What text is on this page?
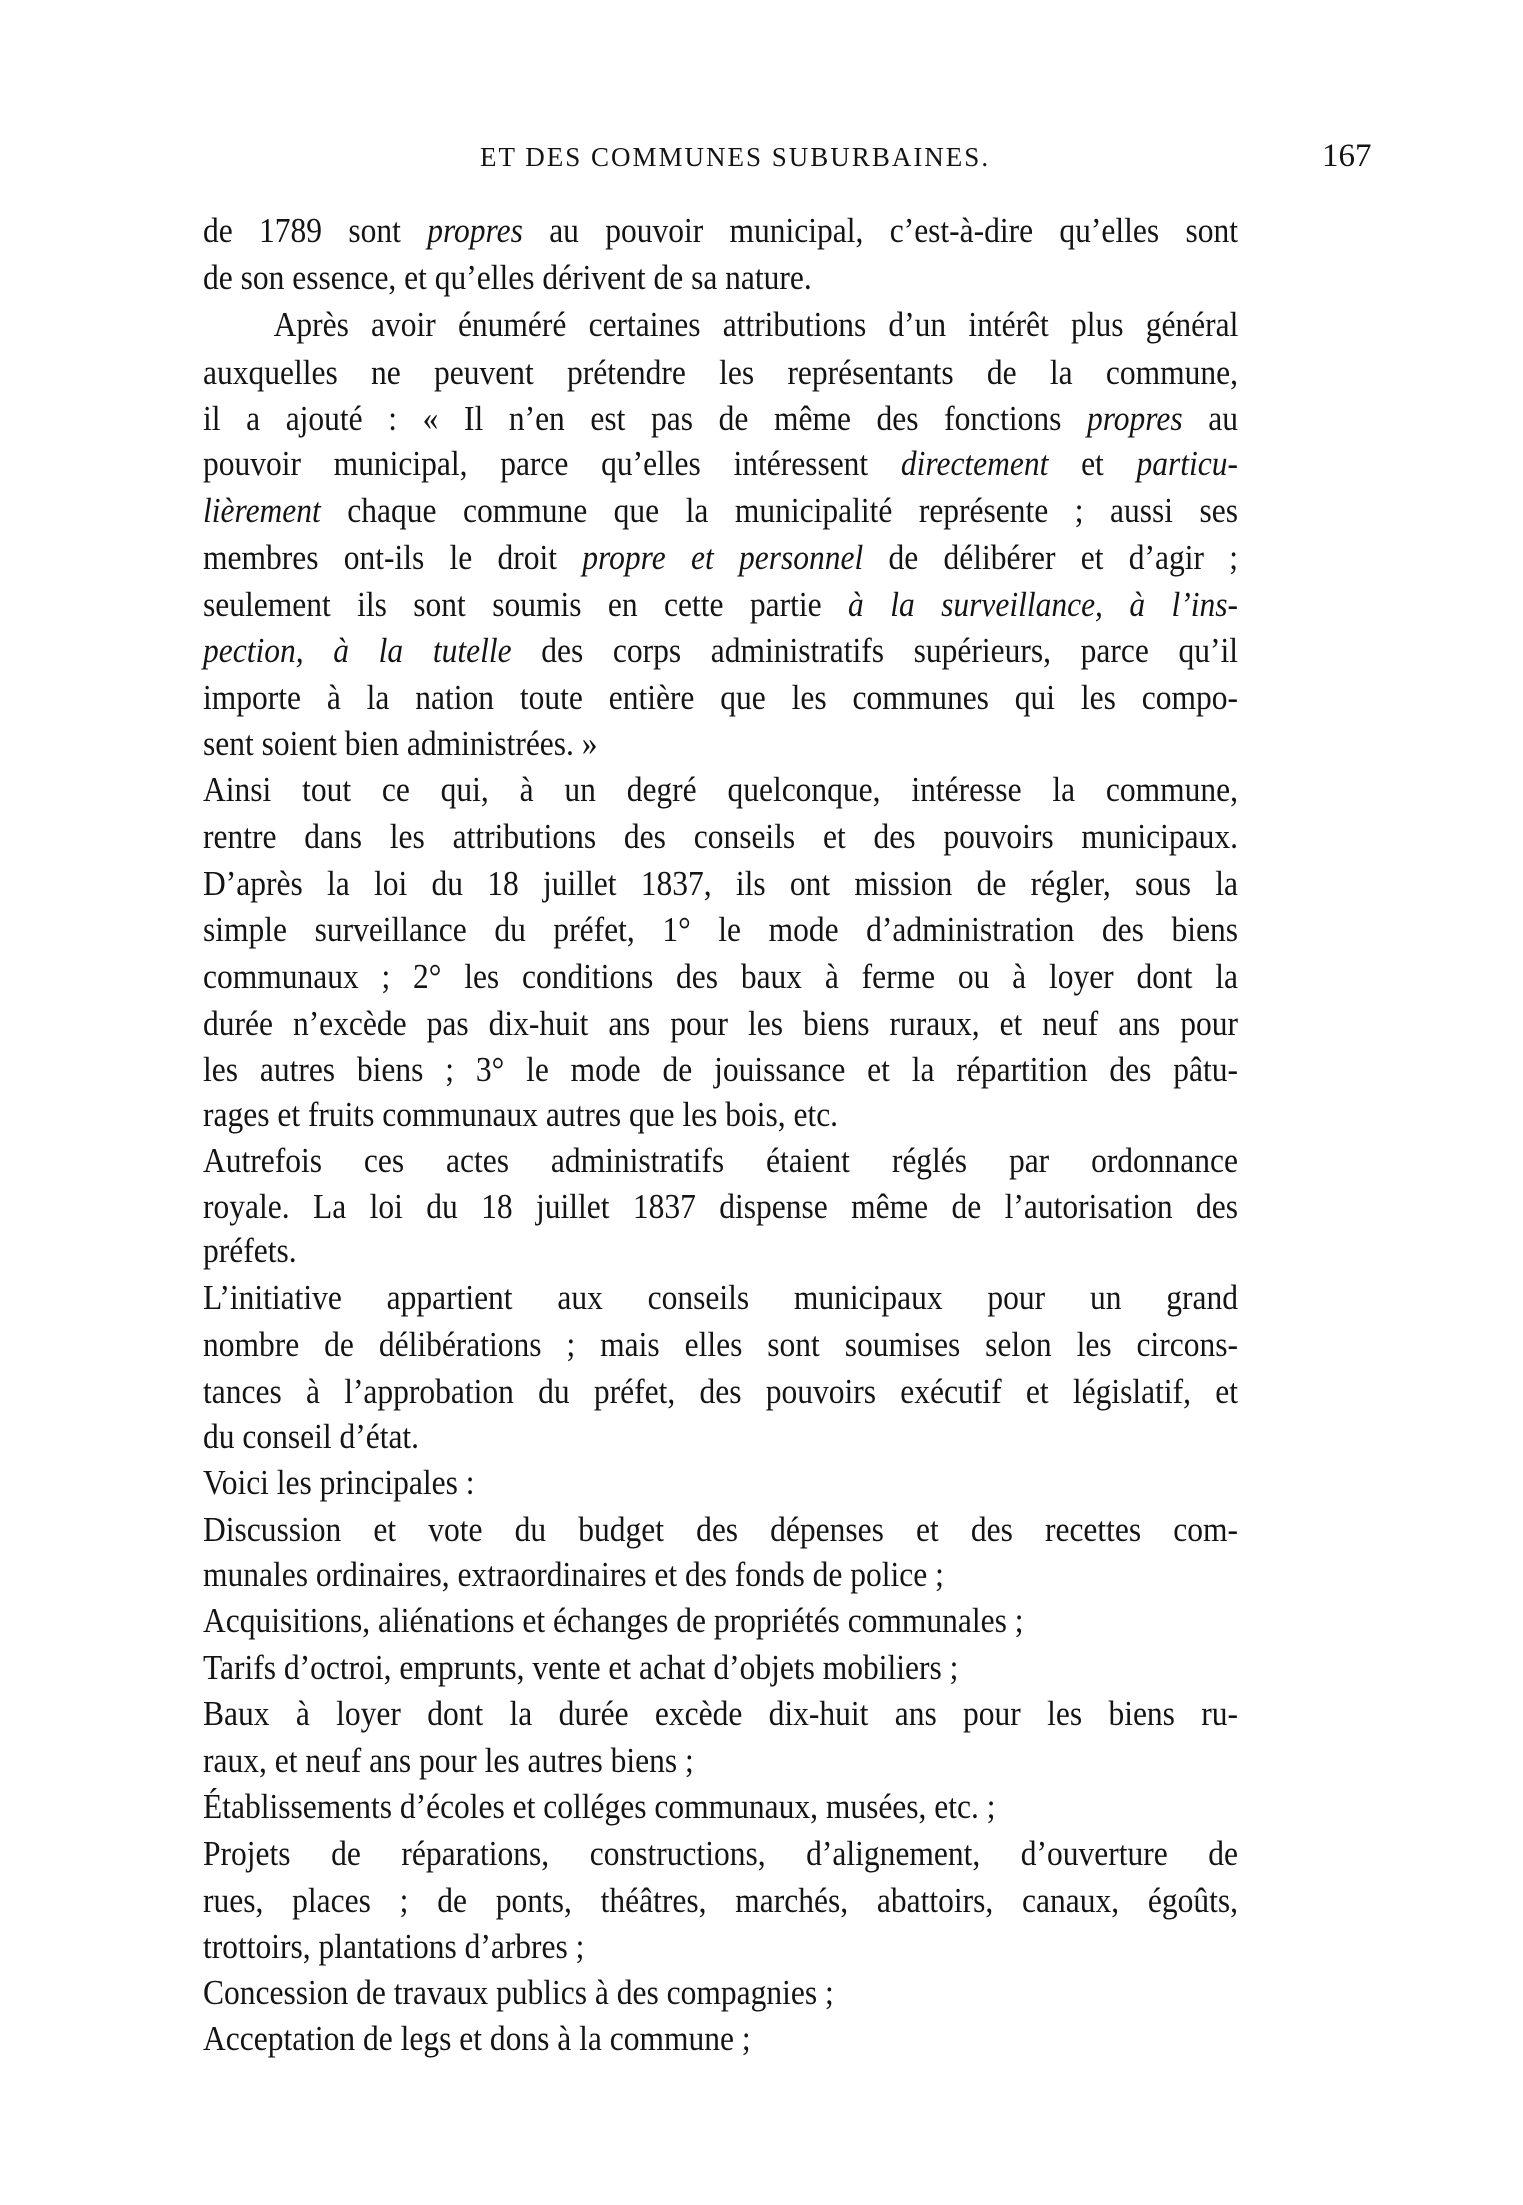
ET DES COMMUNES SUBURBAINES.	167
de 1789 sont propres au pouvoir municipal, c’est-à-dire qu’elles sont
de son essence, et qu’elles dérivent de sa nature.
Après avoir énuméré certaines attributions d’un intérêt plus général
auxquelles ne peuvent prétendre les représentants de la commune,
il a ajouté : « Il n’en est pas de même des fonctions propres au
pouvoir municipal, parce qu’elles intéressent directement et particu-
lièrement chaque commune que la municipalité représente ; aussi ses
membres ont-ils le droit propre et personnel de délibérer et d’agir ;
seulement ils sont soumis en cette partie à la surveillance, à l’ins-
pection, à la tutelle des corps administratifs supérieurs, parce qu’il
importe à la nation toute entière que les communes qui les compo-
sent soient bien administrées. »
Ainsi tout ce qui, à un degré quelconque, intéresse la commune,
rentre dans les attributions des conseils et des pouvoirs municipaux.
D’après la loi du 18 juillet 1837, ils ont mission de régler, sous la
simple surveillance du préfet, 1° le mode d’administration des biens
communaux ; 2° les conditions des baux à ferme ou à loyer dont la
durée n’excède pas dix-huit ans pour les biens ruraux, et neuf ans pour
les autres biens ; 3° le mode de jouissance et la répartition des pâtu-
rages et fruits communaux autres que les bois, etc.
Autrefois ces actes administratifs étaient réglés par ordonnance
royale. La loi du 18 juillet 1837 dispense même de l’autorisation des
préfets.
L’initiative appartient aux conseils municipaux pour un grand
nombre de délibérations ; mais elles sont soumises selon les circons-
tances à l’approbation du préfet, des pouvoirs exécutif et législatif, et
du conseil d’état.
Voici les principales :
Discussion et vote du budget des dépenses et des recettes com-
munales ordinaires, extraordinaires et des fonds de police ;
Acquisitions, aliénations et échanges de propriétés communales ;
Tarifs d’octroi, emprunts, vente et achat d’objets mobiliers ;
Baux à loyer dont la durée excède dix-huit ans pour les biens ru-
raux, et neuf ans pour les autres biens ;
Établissements d’écoles et colléges communaux, musées, etc. ;
Projets de réparations, constructions, d’alignement, d’ouverture de
rues, places ; de ponts, théâtres, marchés, abattoirs, canaux, égoûts,
trottoirs, plantations d’arbres ;
Concession de travaux publics à des compagnies ;
Acceptation de legs et dons à la commune ;
